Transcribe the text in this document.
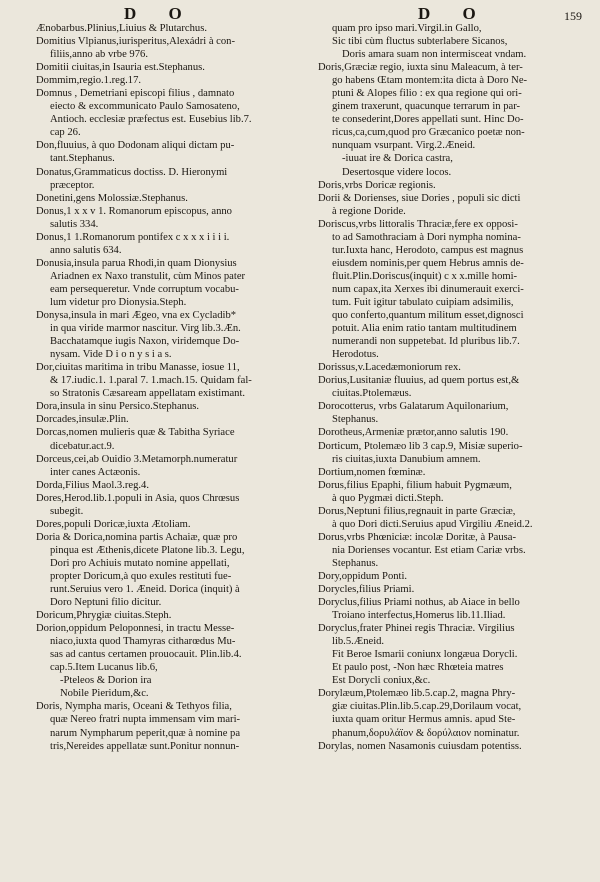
D O	D O	159
Ænobarbus.Plinius,Liuius & Plutarchus.
Domitius Vlpianus,iurisperitus,Alexádri à con-
filiis,anno ab vrbe 976.
Domitii ciuitas,in Isauria est.Stephanus.
Dommim,regio.1.reg.17.
Domnus , Demetriani episcopi filius , damnato
eiecto & excommunicato Paulo Samosateno,
Antioch. ecclesiæ præfectus est. Eusebius lib.7.
cap 26.
Don,fluuius, à quo Dodonam aliqui dictam pu-
tant.Stephanus.
Donatus,Grammaticus doctiss. D. Hieronymi
præceptor.
Donetini,gens Molossiæ.Stephanus.
Donus,1 x x v 1. Romanorum episcopus, anno
salutis 334.
Donus,1 1.Romanorum pontifex c x x x i i i i.
anno salutis 634.
Donusia,insula parua Rhodi,in quam Dionysius
Ariadnen ex Naxo transtulit, cùm Minos pater
eam persequeretur. Vnde corruptum vocabu-
lum videtur pro Dionysia.Steph.
Donysa,insula in mari Ægeo, vna ex Cycladib*
in qua viride marmor nascitur. Virg lib.3.Æn.
Bacchatamque iugis Naxon, viridemque Do-
nysam. Vide D i o n y s i a s.
Dor,ciuitas maritima in tribu Manasse, iosue 11,
& 17.iudic.1. 1.paral 7. 1.mach.15. Quidam fal-
so Stratonis Cæsaream appellatam existimant.
Dora,insula in sinu Persico.Stephanus.
Dorcades,insulæ.Plin.
Dorcas,nomen mulieris quæ & Tabitha Syriace
dicebatur.act.9.
Dorceus,cei,ab Ouidio 3.Metamorph.numeratur
inter canes Actæonis.
Dorda,Filius Maol.3.reg.4.
Dores,Herod.lib.1.populi in Asia, quos Chrœsus
subegit.
Dores,populi Doricæ,iuxta Ætoliam.
Doria & Dorica,nomina partis Achaiæ, quæ pro
pinqua est Æthenis,dicete Platone lib.3. Legu,
Dori pro Achiuis mutato nomine appellati,
propter Doricum,à quo exules restituti fue-
runt.Seruius vero 1. Æneid. Dorica (inquit) à
Doro Neptuni filio dicitur.
Doricum,Phrygiæ ciuitas.Steph.
Dorion,oppidum Peloponnesi, in tractu Messe-
niaco,iuxta quod Thamyras citharœdus Mu-
sas ad cantus certamen prouocauit. Plin.lib.4.
cap.5.Item Lucanus lib.6,
-Pteleos & Dorion ira
Nobile Pieridum,&c.
Doris, Nympha maris, Oceani & Tethyos filia,
quæ Nereo fratri nupta immensam vim mari-
narum Nympharum peperit,quæ à nomine pa
tris,Nereides appellatæ sunt.Ponitur nonnun-
quam pro ipso mari.Virgil.in Gallo,
Sic tibi cùm fluctus subterlabere Sicanos,
Doris amara suam non intermisceat vndam.
Doris,Græciæ regio, iuxta sinu Maleacum, à ter-
go habens Œtam montem:ita dicta à Doro Ne-
ptuni & Alopes filio : ex qua regione qui ori-
ginem traxerunt, quacunque terrarum in par-
te consederint,Dores appellati sunt. Hinc Do-
ricus,ca,cum,quod pro Græcanico poetæ non-
nunquam vsurpant. Virg.2.Æneid.
-iuuat ire & Dorica castra,
Desertosque videre locos.
Doris,vrbs Doricæ regionis.
Dorii & Dorienses, siue Dories , populi sic dicti
à regione Doride.
Doriscus,vrbs littoralis Thraciæ,fere ex opposi-
to ad Samothraciam à Dori nympha nomina-
tur.Iuxta hanc, Herodoto, campus est magnus
eiusdem nominis,per quem Hebrus amnis de-
fluit.Plin.Doriscus(inquit) c x x.mille homi-
num capax,ita Xerxes ibi dinumerauit exerci-
tum. Fuit igitur tabulato cuipiam adsimilis,
quo conferto,quantum militum esset,dignosci
potuit. Alia enim ratio tantam multitudinem
numerandi non suppetebat. Id pluribus lib.7.
Herodotus.
Dorissus,v.Lacedæmoniorum rex.
Dorius,Lusitaniæ fluuius, ad quem portus est,&
ciuitas.Ptolemæus.
Dorocotterus, vrbs Galatarum Aquilonarium,
Stephanus.
Dorotheus,Armeniæ prætor,anno salutis 190.
Dorticum, Ptolemæo lib 3 cap.9, Misiæ superio-
ris ciuitas,iuxta Danubium amnem.
Dortium,nomen fœminæ.
Dorus,filius Epaphi, filium habuit Pygmæum,
à quo Pygmæi dicti.Steph.
Dorus,Neptuni filius,regnauit in parte Græciæ,
à quo Dori dicti.Seruius apud Virgiliu Æneid.2.
Dorus,vrbs Phœniciæ: incolæ Doritæ, à Pausa-
nia Dorienses vocantur. Est etiam Cariæ vrbs.
Stephanus.
Dory,oppidum Ponti.
Dorycles,filius Priami.
Doryclus,filius Priami nothus, ab Aiace in bello
Troiano interfectus,Homerus lib.11.Iliad.
Doryclus,frater Phinei regis Thraciæ. Virgilius
lib.5.Æneid.
Fit Beroe Ismarii coniunx longæua Dorycli.
Et paulo post, -Non hæc Rhœteia matres
Est Dorycli coniux,&c.
Dorylæum,Ptolemæo lib.5.cap.2, magna Phry-
giæ ciuitas.Plin.lib.5.cap.29,Dorilaum vocat,
iuxta quam oritur Hermus amnis. apud Ste-
phanum,δορυλάϊον & δορύλαιον nominatur.
Dorylas, nomen Nasamonis cuiusdam potentiss.
